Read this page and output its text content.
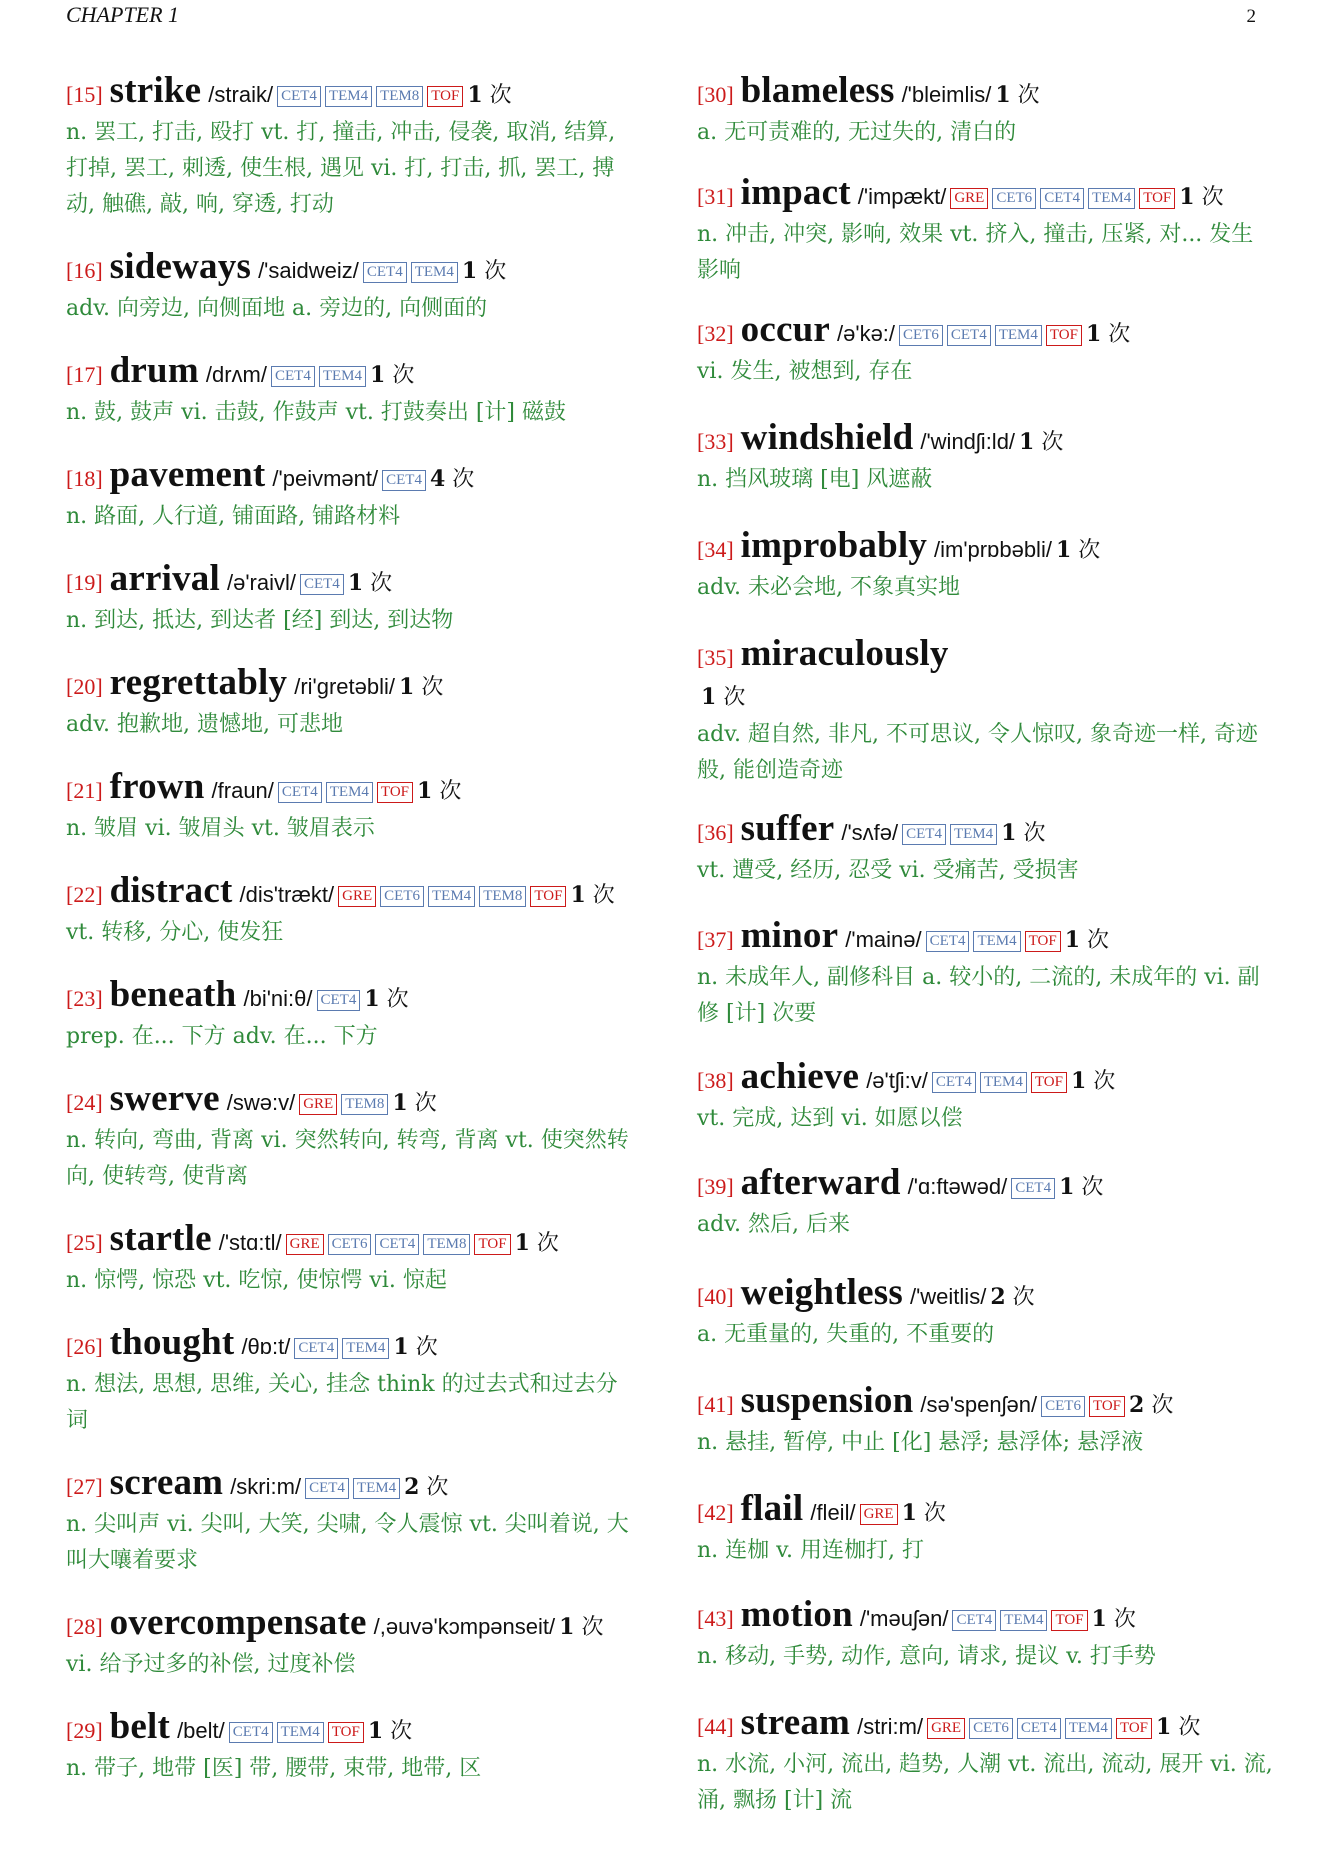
CHAPTER 1	2
[15] strike /straik/ CET4 TEM4 TEM8 TOF 1 次
n. 罢工, 打击, 殴打 vt. 打, 撞击, 冲击, 侵袭, 取消, 结算, 打掉, 罢工, 刺透, 使生根, 遇见 vi. 打, 打击, 抓, 罢工, 搏动, 触礁, 敲, 响, 穿透, 打动
[16] sideways /'saidweiz/ CET4 TEM4 1 次
adv. 向旁边, 向侧面地 a. 旁边的, 向侧面的
[17] drum /drʌm/ CET4 TEM4 1 次
n. 鼓, 鼓声 vi. 击鼓, 作鼓声 vt. 打鼓奏出 [计] 磁鼓
[18] pavement /'peivmənt/ CET4 4 次
n. 路面, 人行道, 铺面路, 铺路材料
[19] arrival /ə'raivl/ CET4 1 次
n. 到达, 抵达, 到达者 [经] 到达, 到达物
[20] regrettably /ri'gretəbli/ 1 次
adv. 抱歉地, 遗憾地, 可悲地
[21] frown /fraun/ CET4 TEM4 TOF 1 次
n. 皱眉 vi. 皱眉头 vt. 皱眉表示
[22] distract /dis'trækt/ GRE CET6 TEM4 TEM8 TOF 1 次
vt. 转移, 分心, 使发狂
[23] beneath /bi'ni:θ/ CET4 1 次
prep. 在... 下方 adv. 在... 下方
[24] swerve /swə:v/ GRE TEM8 1 次
n. 转向, 弯曲, 背离 vi. 突然转向, 转弯, 背离 vt. 使突然转向, 使转弯, 使背离
[25] startle /'stɑ:tl/ GRE CET6 CET4 TEM8 TOF 1 次
n. 惊愕, 惊恐 vt. 吃惊, 使惊愕 vi. 惊起
[26] thought /θɒ:t/ CET4 TEM4 1 次
n. 想法, 思想, 思维, 关心, 挂念 think 的过去式和过去分词
[27] scream /skri:m/ CET4 TEM4 2 次
n. 尖叫声 vi. 尖叫, 大笑, 尖啸, 令人震惊 vt. 尖叫着说, 大叫大嚷着要求
[28] overcompensate /,əuvə'kɔmpənseit/ 1 次
vi. 给予过多的补偿, 过度补偿
[29] belt /belt/ CET4 TEM4 TOF 1 次
n. 带子, 地带 [医] 带, 腰带, 束带, 地带, 区
[30] blameless /'bleimlis/ 1 次
a. 无可责难的, 无过失的, 清白的
[31] impact /'impækt/ GRE CET6 CET4 TEM4 TOF 1 次
n. 冲击, 冲突, 影响, 效果 vt. 挤入, 撞击, 压紧, 对... 发生影响
[32] occur /ə'kə:/ CET6 CET4 TEM4 TOF 1 次
vi. 发生, 被想到, 存在
[33] windshield /'windʃi:ld/ 1 次
n. 挡风玻璃 [电] 风遮蔽
[34] improbably /im'prɒbəbli/ 1 次
adv. 未必会地, 不象真实地
[35] miraculously
1 次
adv. 超自然, 非凡, 不可思议, 令人惊叹, 象奇迹一样, 奇迹般, 能创造奇迹
[36] suffer /'sʌfə/ CET4 TEM4 1 次
vt. 遭受, 经历, 忍受 vi. 受痛苦, 受损害
[37] minor /'mainə/ CET4 TEM4 TOF 1 次
n. 未成年人, 副修科目 a. 较小的, 二流的, 未成年的 vi. 副修 [计] 次要
[38] achieve /ə'tʃi:v/ CET4 TEM4 TOF 1 次
vt. 完成, 达到 vi. 如愿以偿
[39] afterward /'ɑ:ftəwəd/ CET4 1 次
adv. 然后, 后来
[40] weightless /'weitlis/ 2 次
a. 无重量的, 失重的, 不重要的
[41] suspension /sə'spenʃən/ CET6 TOF 2 次
n. 悬挂, 暂停, 中止 [化] 悬浮; 悬浮体; 悬浮液
[42] flail /fleil/ GRE 1 次
n. 连枷 v. 用连枷打, 打
[43] motion /'məuʃən/ CET4 TEM4 TOF 1 次
n. 移动, 手势, 动作, 意向, 请求, 提议 v. 打手势
[44] stream /stri:m/ GRE CET6 CET4 TEM4 TOF 1 次
n. 水流, 小河, 流出, 趋势, 人潮 vt. 流出, 流动, 展开 vi. 流, 涌, 飘扬 [计] 流
